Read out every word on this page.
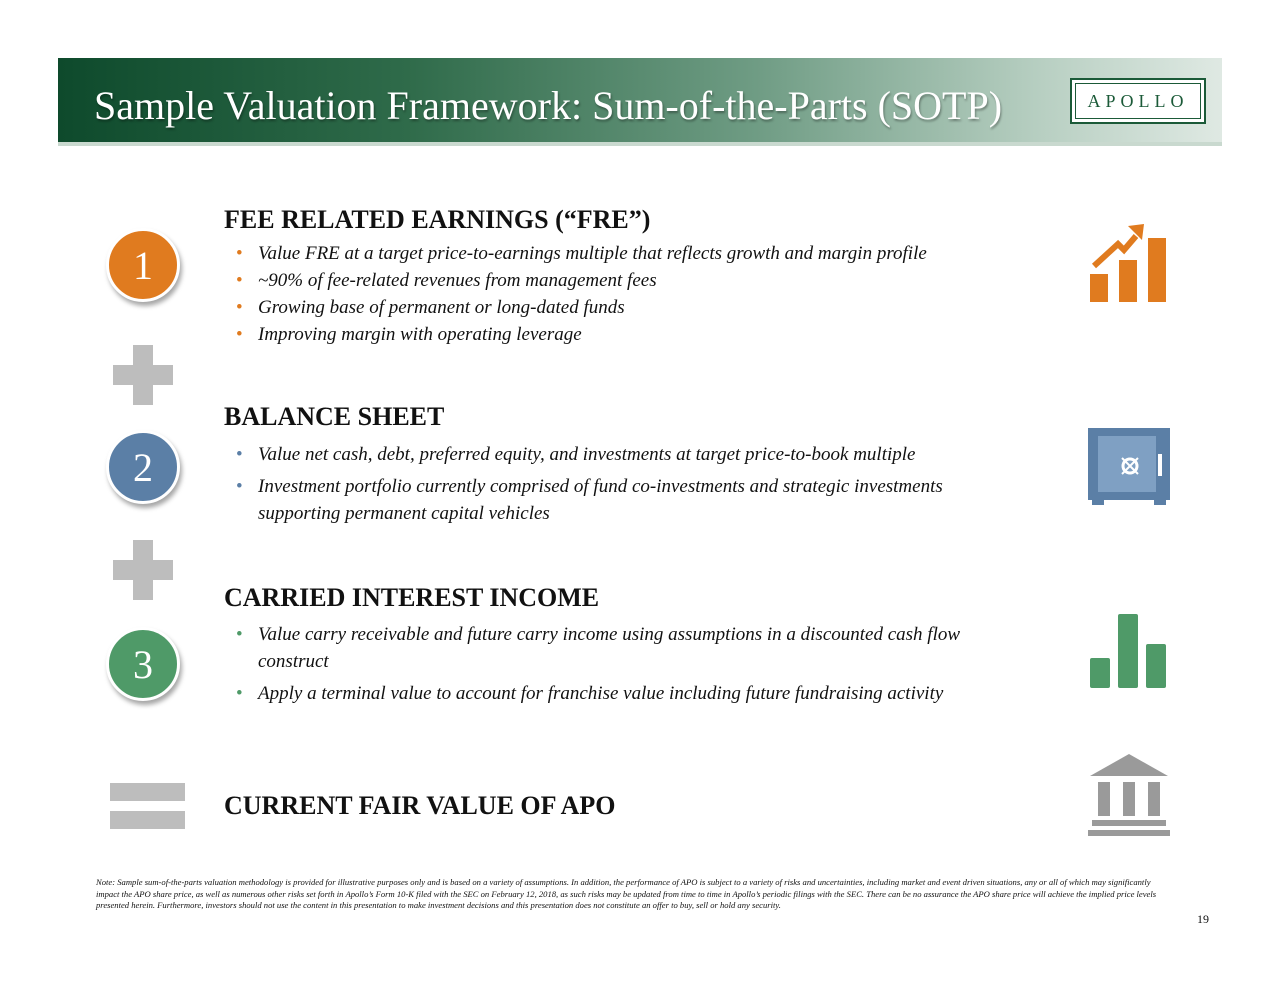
Sample Valuation Framework: Sum-of-the-Parts (SOTP)	APOLLO
1
FEE RELATED EARNINGS (“FRE”)
• Value FRE at a target price-to-earnings multiple that reflects growth and margin profile
• ~90% of fee-related revenues from management fees
• Growing base of permanent or long-dated funds
• Improving margin with operating leverage
2
BALANCE SHEET
• Value net cash, debt, preferred equity, and investments at target price-to-book multiple
• Investment portfolio currently comprised of fund co-investments and strategic investments supporting permanent capital vehicles
3
CARRIED INTEREST INCOME
• Value carry receivable and future carry income using assumptions in a discounted cash flow construct
• Apply a terminal value to account for franchise value including future fundraising activity
CURRENT FAIR VALUE OF APO
Note: Sample sum-of-the-parts valuation methodology is provided for illustrative purposes only and is based on a variety of assumptions. In addition, the performance of APO is subject to a variety of risks and uncertainties, including market and event driven situations, any or all of which may significantly impact the APO share price, as well as numerous other risks set forth in Apollo’s Form 10-K filed with the SEC on February 12, 2018, as such risks may be updated from time to time in Apollo’s periodic filings with the SEC. There can be no assurance the APO share price will achieve the implied price levels presented herein. Furthermore, investors should not use the content in this presentation to make investment decisions and this presentation does not constitute an offer to buy, sell or hold any security.
19
